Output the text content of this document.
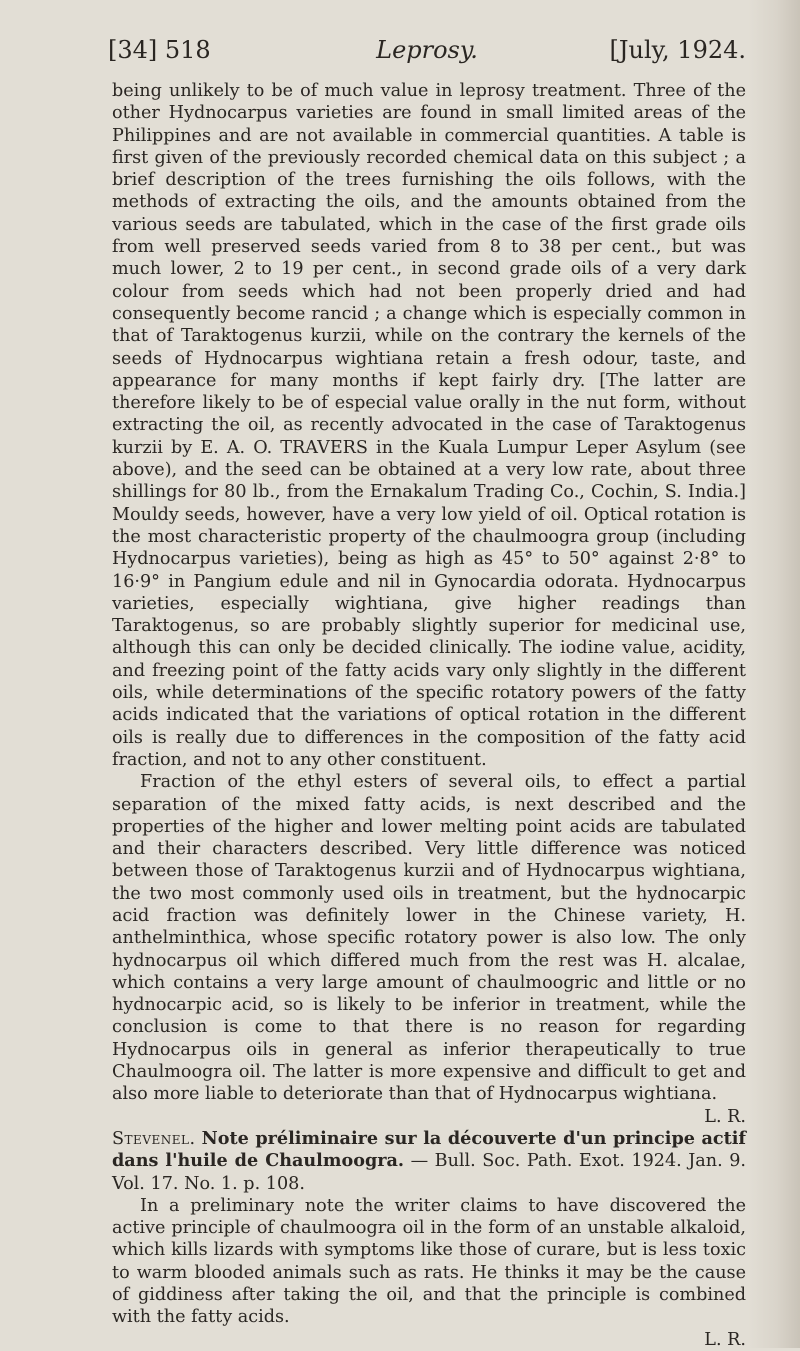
[34] 518	Leprosy.	[July, 1924.

being unlikely to be of much value in leprosy treatment. Three of the other Hydnocarpus varieties are found in small limited areas of the Philippines and are not available in commercial quantities. A table is first given of the previously recorded chemical data on this subject ; a brief description of the trees furnishing the oils follows, with the methods of extracting the oils, and the amounts obtained from the various seeds are tabulated, which in the case of the first grade oils from well preserved seeds varied from 8 to 38 per cent., but was much lower, 2 to 19 per cent., in second grade oils of a very dark colour from seeds which had not been properly dried and had consequently become rancid ; a change which is especially common in that of Taraktogenus kurzii, while on the contrary the kernels of the seeds of Hydnocarpus wightiana retain a fresh odour, taste, and appearance for many months if kept fairly dry. [The latter are therefore likely to be of especial value orally in the nut form, without extracting the oil, as recently advocated in the case of Taraktogenus kurzii by E. A. O. TRAVERS in the Kuala Lumpur Leper Asylum (see above), and the seed can be obtained at a very low rate, about three shillings for 80 lb., from the Ernakalum Trading Co., Cochin, S. India.] Mouldy seeds, however, have a very low yield of oil. Optical rotation is the most characteristic property of the chaulmoogra group (including Hydnocarpus varieties), being as high as 45° to 50° against 2·8° to 16·9° in Pangium edule and nil in Gynocardia odorata. Hydnocarpus varieties, especially wightiana, give higher readings than Taraktogenus, so are probably slightly superior for medicinal use, although this can only be decided clinically. The iodine value, acidity, and freezing point of the fatty acids vary only slightly in the different oils, while determinations of the specific rotatory powers of the fatty acids indicated that the variations of optical rotation in the different oils is really due to differences in the composition of the fatty acid fraction, and not to any other constituent.

Fraction of the ethyl esters of several oils, to effect a partial separation of the mixed fatty acids, is next described and the properties of the higher and lower melting point acids are tabulated and their characters described. Very little difference was noticed between those of Taraktogenus kurzii and of Hydnocarpus wightiana, the two most commonly used oils in treatment, but the hydnocarpic acid fraction was definitely lower in the Chinese variety, H. anthelminthica, whose specific rotatory power is also low. The only hydnocarpus oil which differed much from the rest was H. alcalae, which contains a very large amount of chaulmoogric and little or no hydnocarpic acid, so is likely to be inferior in treatment, while the conclusion is come to that there is no reason for regarding Hydnocarpus oils in general as inferior therapeutically to true Chaulmoogra oil. The latter is more expensive and difficult to get and also more liable to deteriorate than that of Hydnocarpus wightiana.

L. R.

Stevenel. Note préliminaire sur la découverte d'un principe actif dans l'huile de Chaulmoogra. — Bull. Soc. Path. Exot. 1924. Jan. 9. Vol. 17. No. 1. p. 108.

In a preliminary note the writer claims to have discovered the active principle of chaulmoogra oil in the form of an unstable alkaloid, which kills lizards with symptoms like those of curare, but is less toxic to warm blooded animals such as rats. He thinks it may be the cause of giddiness after taking the oil, and that the principle is combined with the fatty acids.

L. R.
